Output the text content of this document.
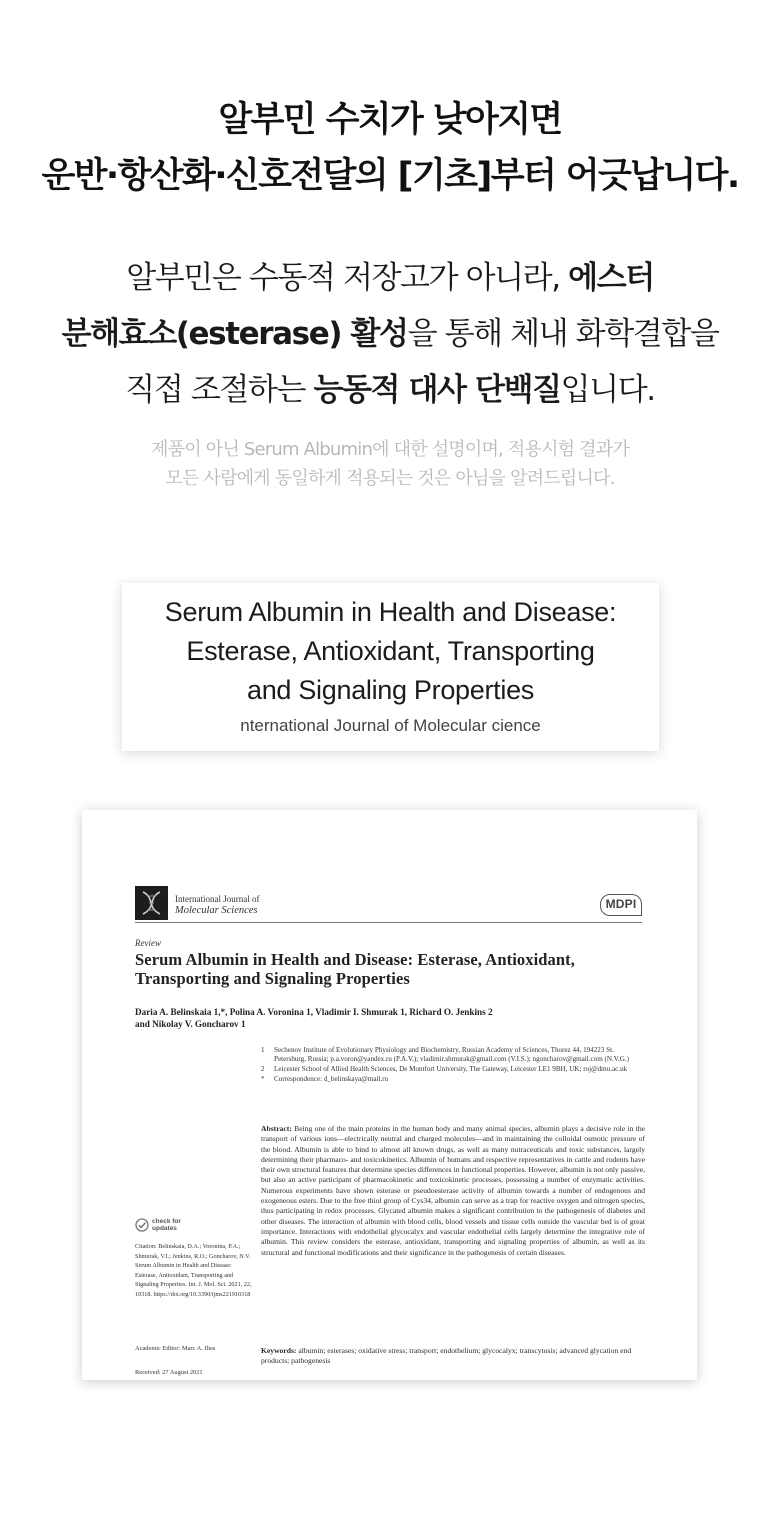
알부민 수치가 낮아지면
운반·항산화·신호전달의 [기초]부터 어긋납니다.
알부민은 수동적 저장고가 아니라, 에스터
분해효소(esterase) 활성을 통해 체내 화학결합을
직접 조절하는 능동적 대사 단백질입니다.
제품이 아닌 Serum Albumin에 대한 설명이며, 적용시험 결과가
모든 사람에게 동일하게 적용되는 것은 아님을 알려드립니다.
Serum Albumin in Health and Disease:
Esterase, Antioxidant, Transporting
and Signaling Properties
nternational Journal of Molecular cience
International Journal of
Molecular Sciences	MDPI
Review
Serum Albumin in Health and Disease: Esterase, Antioxidant,
Transporting and Signaling Properties
Daria A. Belinskaia 1,*, Polina A. Voronina 1, Vladimir I. Shmurak 1, Richard O. Jenkins 2
and Nikolay V. Goncharov 1
1 Sechenov Institute of Evolutionary Physiology and Biochemistry, Russian Academy of Sciences, Thorez 44, 194223 St. Petersburg, Russia; p.a.voron@yandex.ru (P.A.V.); vladimir.shmurak@gmail.com (V.I.S.); ngoncharov@gmail.com (N.V.G.)
2 Leicester School of Allied Health Sciences, De Montfort University, The Gateway, Leicester LE1 9BH, UK; roj@dmu.ac.uk
* Correspondence: d_belinskaya@mail.ru
Abstract: Being one of the main proteins in the human body and many animal species, albumin plays a decisive role in the transport of various ions—electrically neutral and charged molecules—and in maintaining the colloidal osmotic pressure of the blood. Albumin is able to bind to almost all known drugs, as well as many nutraceuticals and toxic substances, largely determining their pharmaco- and toxicokinetics. Albumin of humans and respective representatives in cattle and rodents have their own structural features that determine species differences in functional properties. However, albumin is not only passive, but also an active participant of pharmacokinetic and toxicokinetic processes, possessing a number of enzymatic activities. Numerous experiments have shown esterase or pseudoesterase activity of albumin towards a number of endogenous and exogeneous esters. Due to the free thiol group of Cys34, albumin can serve as a trap for reactive oxygen and nitrogen species, thus participating in redox processes. Glycated albumin makes a significant contribution to the pathogenesis of diabetes and other diseases. The interaction of albumin with blood cells, blood vessels and tissue cells outside the vascular bed is of great importance. Interactions with endothelial glycocalyx and vascular endothelial cells largely determine the integrative role of albumin. This review considers the esterase, antioxidant, transporting and signaling properties of albumin, as well as its structural and functional modifications and their significance in the pathogenesis of certain diseases.
Keywords: albumin; esterases; oxidative stress; transport; endothelium; glycocalyx; transcytosis; advanced glycation end products; pathogenesis
check for
updates
Citation: Belinskaia, D.A.; Voronina, P.A.; Shmurak, V.I.; Jenkins, R.O.; Goncharov, N.V. Serum Albumin in Health and Disease: Esterase, Antioxidant, Transporting and Signaling Properties. Int. J. Mol. Sci. 2021, 22, 10318. https://doi.org/10.3390/ijms221910318
Academic Editor: Marc A. Ilies
Received: 27 August 2021
